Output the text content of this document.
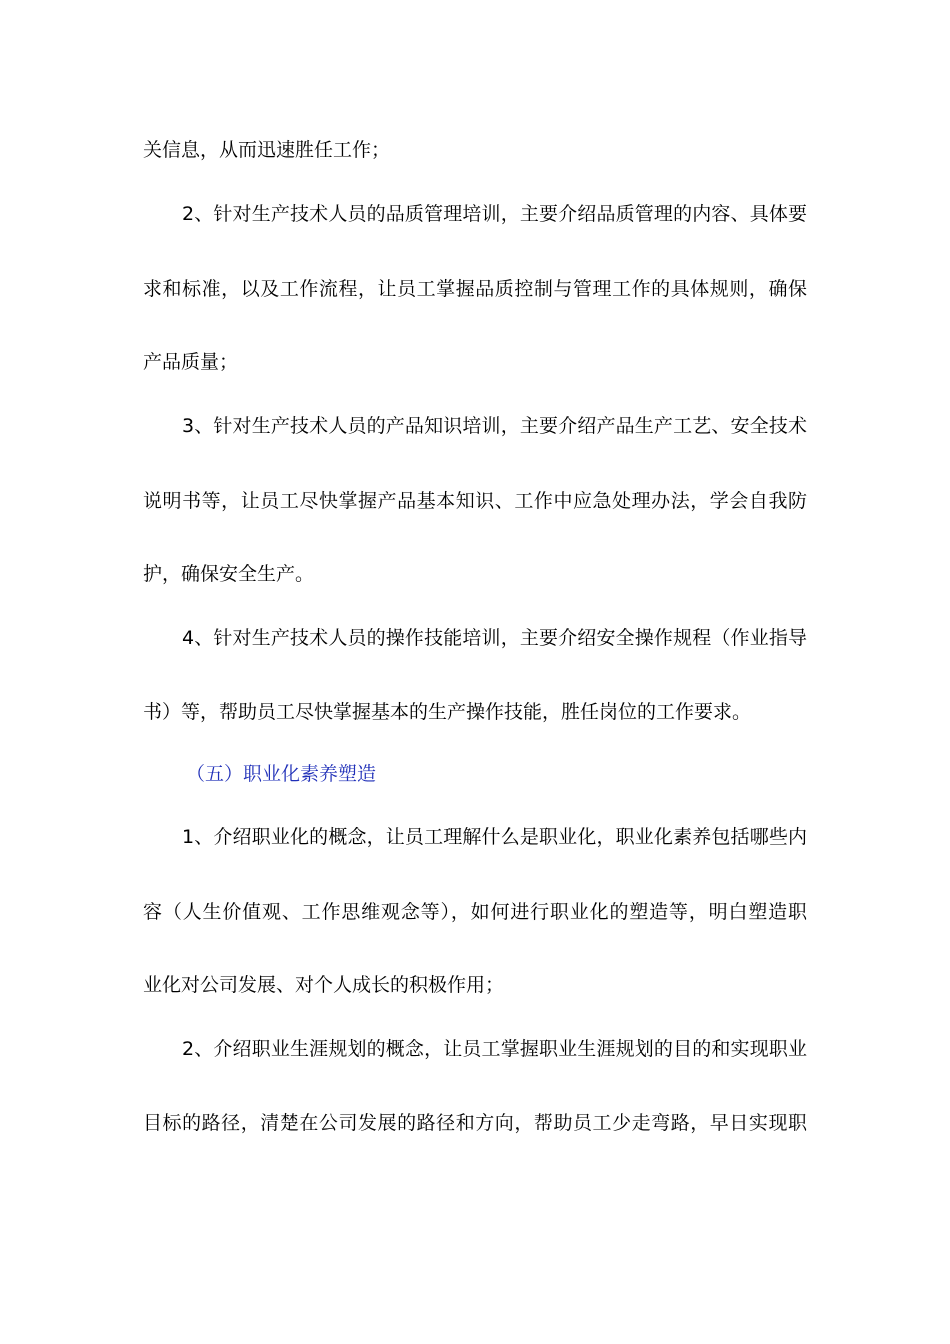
关信息，从而迅速胜任工作；
2、针对生产技术人员的品质管理培训，主要介绍品质管理的内容、具体要
求和标准，以及工作流程，让员工掌握品质控制与管理工作的具体规则，确保
产品质量；
3、针对生产技术人员的产品知识培训，主要介绍产品生产工艺、安全技术
说明书等，让员工尽快掌握产品基本知识、工作中应急处理办法，学会自我防
护，确保安全生产。
4、针对生产技术人员的操作技能培训，主要介绍安全操作规程（作业指导
书）等，帮助员工尽快掌握基本的生产操作技能，胜任岗位的工作要求。
（五）职业化素养塑造
1、介绍职业化的概念，让员工理解什么是职业化，职业化素养包括哪些内
容（人生价值观、工作思维观念等），如何进行职业化的塑造等，明白塑造职
业化对公司发展、对个人成长的积极作用；
2、介绍职业生涯规划的概念，让员工掌握职业生涯规划的目的和实现职业
目标的路径，清楚在公司发展的路径和方向，帮助员工少走弯路，早日实现职
